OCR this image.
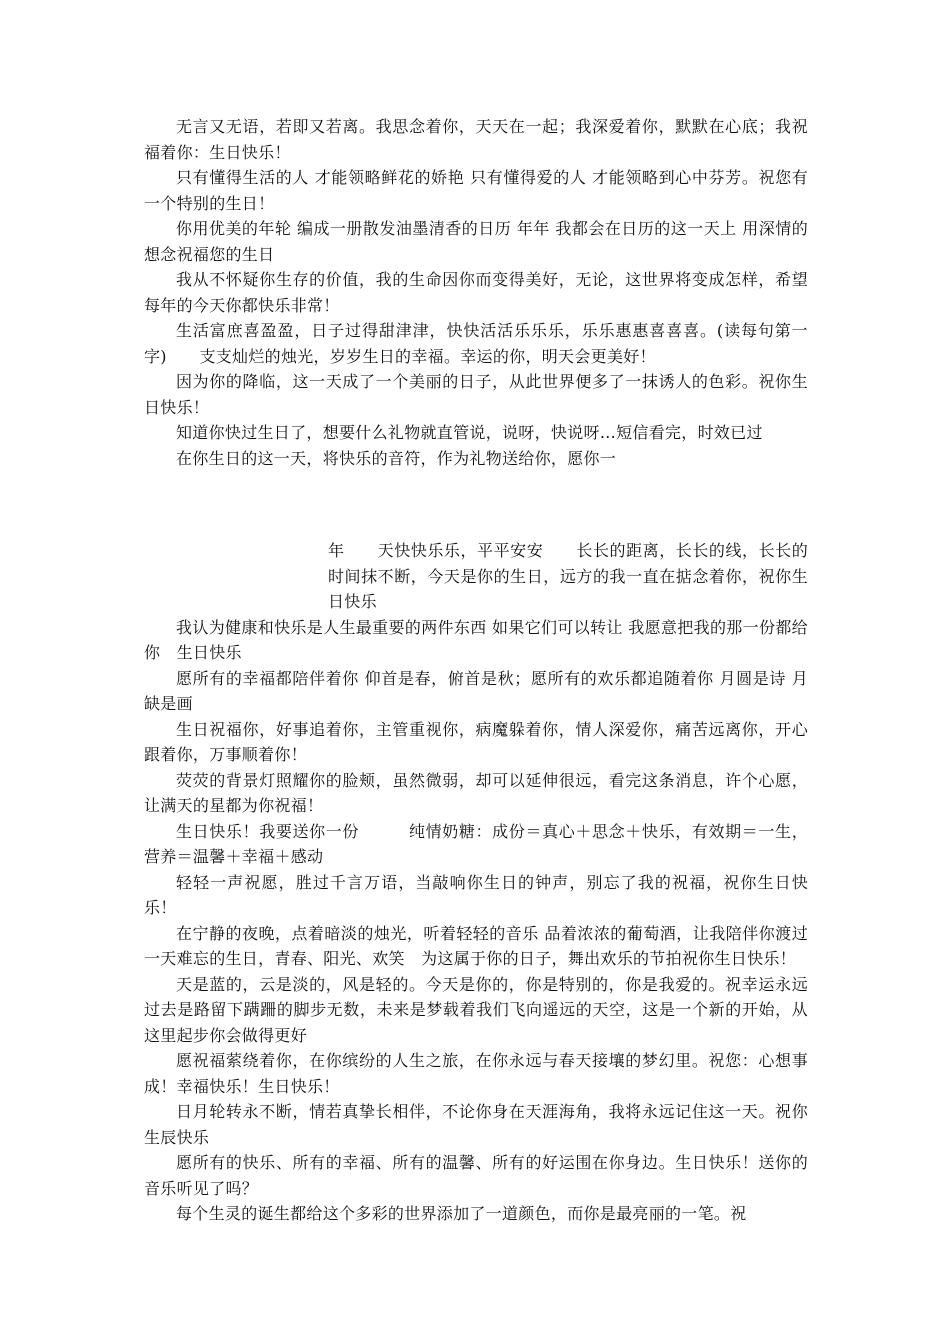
无言又无语，若即又若离。我思念着你，天天在一起；我深爱着你，默默在心底；我祝福着你：生日快乐！

只有懂得生活的人 才能领略鲜花的娇艳 只有懂得爱的人 才能领略到心中芬芳。祝您有一个特别的生日！

你用优美的年轮 编成一册散发油墨清香的日历 年年 我都会在日历的这一天上 用深情的想念祝福您的生日

我从不怀疑你生存的价值，我的生命因你而变得美好，无论，这世界将变成怎样，希望每年的今天你都快乐非常！

生活富庶喜盈盈，日子过得甜津津，快快活活乐乐乐，乐乐惠惠喜喜喜。(读每句第一字)　　支支灿烂的烛光，岁岁生日的幸福。幸运的你，明天会更美好！

因为你的降临，这一天成了一个美丽的日子，从此世界便多了一抹诱人的色彩。祝你生日快乐！

知道你快过生日了，想要什么礼物就直管说，说呀，快说呀…短信看完，时效已过

在你生日的这一天，将快乐的音符，作为礼物送给你，愿你一

年　　天快快乐乐，平平安安　　长长的距离，长长的线，长长的时间抹不断，今天是你的生日，远方的我一直在掂念着你，祝你生日快乐

我认为健康和快乐是人生最重要的两件东西 如果它们可以转让 我愿意把我的那一份都给你　生日快乐

愿所有的幸福都陪伴着你 仰首是春，俯首是秋；愿所有的欢乐都追随着你 月圆是诗 月缺是画

生日祝福你，好事追着你，主管重视你，病魔躲着你，情人深爱你，痛苦远离你，开心跟着你，万事顺着你！

荧荧的背景灯照耀你的脸颊，虽然微弱，却可以延伸很远，看完这条消息，许个心愿，让满天的星都为你祝福！

生日快乐！我要送你一份　　　纯情奶糖：成份＝真心＋思念＋快乐，有效期＝一生，营养＝温馨＋幸福＋感动

轻轻一声祝愿，胜过千言万语，当敲响你生日的钟声，别忘了我的祝福，祝你生日快乐！

在宁静的夜晚，点着暗淡的烛光，听着轻轻的音乐 品着浓浓的葡萄酒，让我陪伴你渡过一天难忘的生日，青春、阳光、欢笑　为这属于你的日子，舞出欢乐的节拍祝你生日快乐！

天是蓝的，云是淡的，风是轻的。今天是你的，你是特别的，你是我爱的。祝幸运永远 过去是路留下蹒跚的脚步无数，未来是梦载着我们飞向遥远的天空，这是一个新的开始，从这里起步你会做得更好

愿祝福萦绕着你，在你缤纷的人生之旅，在你永远与春天接壤的梦幻里。祝您：心想事成！幸福快乐！生日快乐！

日月轮转永不断，情若真挚长相伴，不论你身在天涯海角，我将永远记住这一天。祝你生辰快乐

愿所有的快乐、所有的幸福、所有的温馨、所有的好运围在你身边。生日快乐！送你的音乐听见了吗？

每个生灵的诞生都给这个多彩的世界添加了一道颜色，而你是最亮丽的一笔。祝
